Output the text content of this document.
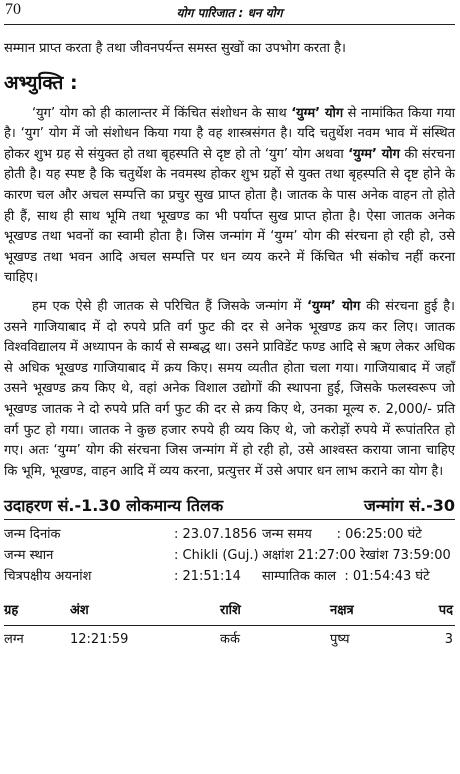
70	योग पारिजात : धन योग

सम्मान प्राप्त करता है तथा जीवनपर्यन्त समस्त सुखों का उपभोग करता है।

अभ्युक्ति :

‘युग’ योग को ही कालान्तर में किंचित संशोधन के साथ ‘युग्म’ योग से नामांकित किया गया है। ‘युग’ योग में जो संशोधन किया गया है वह शास्त्रसंगत है। यदि चतुर्थेश नवम भाव में संस्थित होकर शुभ ग्रह से संयुक्त हो तथा बृहस्पति से दृष्ट हो तो ‘युग’ योग अथवा ‘युग्म’ योग की संरचना होती है। यह स्पष्ट है कि चतुर्थेश के नवमस्थ होकर शुभ ग्रहों से युक्त तथा बृहस्पति से दृष्ट होने के कारण चल और अचल सम्पत्ति का प्रचुर सुख प्राप्त होता है। जातक के पास अनेक वाहन तो होते ही हैं, साथ ही साथ भूमि तथा भूखण्ड का भी पर्याप्त सुख प्राप्त होता है। ऐसा जातक अनेक भूखण्ड तथा भवनों का स्वामी होता है। जिस जन्मांग में ‘युग्म’ योग की संरचना हो रही हो, उसे भूखण्ड तथा भवन आदि अचल सम्पत्ति पर धन व्यय करने में किंचित भी संकोच नहीं करना चाहिए।

हम एक ऐसे ही जातक से परिचित हैं जिसके जन्मांग में ‘युग्म’ योग की संरचना हुई है। उसने गाजियाबाद में दो रुपये प्रति वर्ग फुट की दर से अनेक भूखण्ड क्रय कर लिए। जातक विश्वविद्यालय में अध्यापन के कार्य से सम्बद्ध था। उसने प्राविडेंट फण्ड आदि से ऋण लेकर अधिक से अधिक भूखण्ड गाजियाबाद में क्रय किए। समय व्यतीत होता चला गया। गाजियाबाद में जहाँ उसने भूखण्ड क्रय किए थे, वहां अनेक विशाल उद्योगों की स्थापना हुई, जिसके फलस्वरूप जो भूखण्ड जातक ने दो रुपये प्रति वर्ग फुट की दर से क्रय किए थे, उनका मूल्य रु. 2,000/- प्रति वर्ग फुट हो गया। जातक ने कुछ हजार रुपये ही व्यय किए थे, जो करोड़ों रुपये में रूपांतरित हो गए। अतः ‘युग्म’ योग की संरचना जिस जन्मांग में हो रही हो, उसे आश्वस्त कराया जाना चाहिए कि भूमि, भूखण्ड, वाहन आदि में व्यय करना, प्रत्युत्तर में उसे अपार धन लाभ कराने का योग है।

उदाहरण सं.-1.30 लोकमान्य तिलक	जन्मांग सं.-30
जन्म दिनांक	: 23.07.1856 जन्म समय      : 06:25:00 घंटे
जन्म स्थान	: Chikli (Guj.) अक्षांश 21:27:00 रेखांश 73:59:00
चित्रपक्षीय अयनांश	: 21:51:14	साम्पातिक काल  : 01:54:43 घंटे
ग्रह	अंश	राशि	नक्षत्र	पद
लग्न	12:21:59	कर्क	पुष्य	3
